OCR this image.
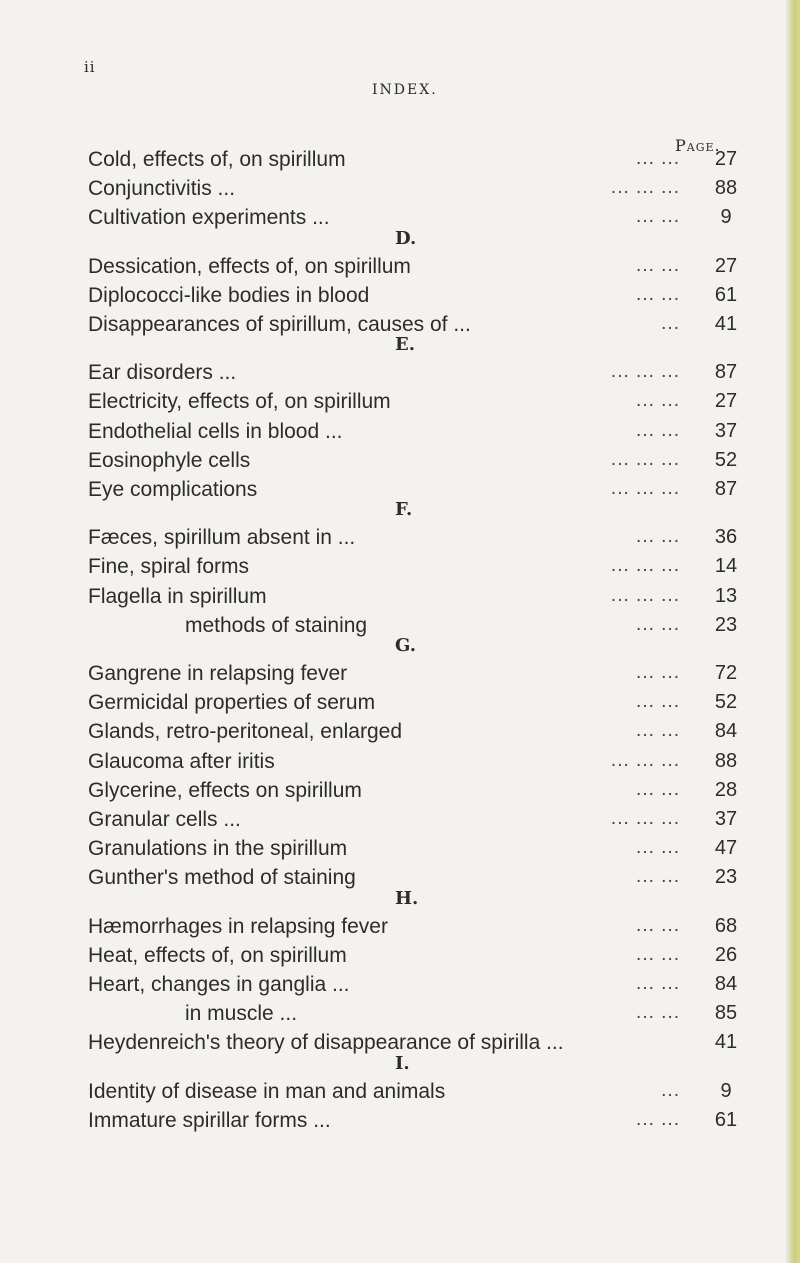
ii
INDEX.
Page.
Cold, effects of, on spirillum	... ...	27
Conjunctivitis ...	... ... ...	88
Cultivation experiments ...	... ...	9
D.
Dessication, effects of, on spirillum	... ...	27
Diplococci-like bodies in blood	... ...	61
Disappearances of spirillum, causes of ...	...	41
E.
Ear disorders ...	... ... ...	87
Electricity, effects of, on spirillum	... ...	27
Endothelial cells in blood ...	... ...	37
Eosinophyle cells	... ... ...	52
Eye complications	... ... ...	87
F.
Fæces, spirillum absent in ...	... ...	36
Fine, spiral forms	... ... ...	14
Flagella in spirillum	... ... ...	13
methods of staining	... ...	23
G.
Gangrene in relapsing fever	... ...	72
Germicidal properties of serum	... ...	52
Glands, retro-peritoneal, enlarged	... ...	84
Glaucoma after iritis	... ... ...	88
Glycerine, effects on spirillum	... ...	28
Granular cells ...	... ... ...	37
Granulations in the spirillum	... ...	47
Gunther's method of staining	... ...	23
H.
Hæmorrhages in relapsing fever	... ...	68
Heat, effects of, on spirillum	... ...	26
Heart, changes in ganglia ...	... ...	84
in muscle ...	... ...	85
Heydenreich's theory of disappearance of spirilla ...	41
I.
Identity of disease in man and animals	...	9
Immature spirillar forms ...	... ...	61
